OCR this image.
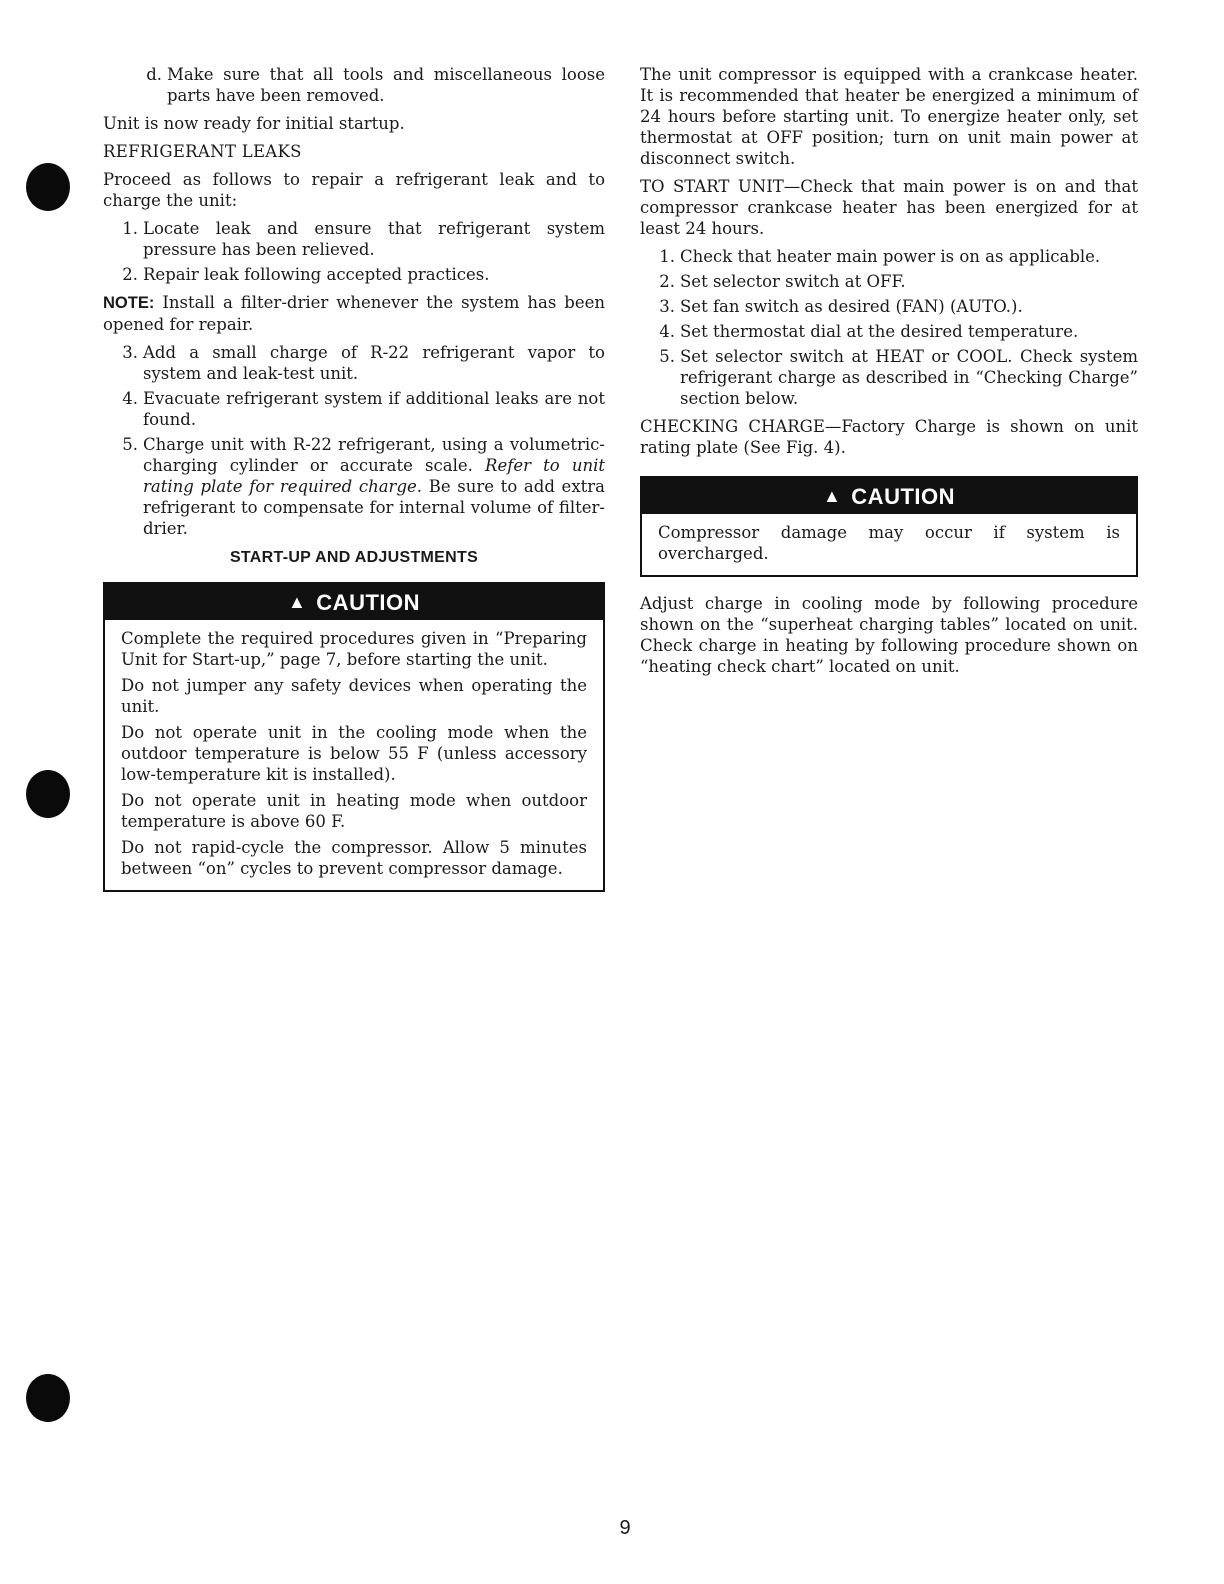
d. Make sure that all tools and miscellaneous loose parts have been removed.

Unit is now ready for initial startup.

REFRIGERANT LEAKS

Proceed as follows to repair a refrigerant leak and to charge the unit:

1. Locate leak and ensure that refrigerant system pressure has been relieved.
2. Repair leak following accepted practices.

NOTE: Install a filter-drier whenever the system has been opened for repair.

3. Add a small charge of R-22 refrigerant vapor to system and leak-test unit.
4. Evacuate refrigerant system if additional leaks are not found.
5. Charge unit with R-22 refrigerant, using a volumetric-charging cylinder or accurate scale. Refer to unit rating plate for required charge. Be sure to add extra refrigerant to compensate for internal volume of filter-drier.
START-UP AND ADJUSTMENTS
▲ CAUTION

Complete the required procedures given in “Preparing Unit for Start-up,” page 7, before starting the unit.

Do not jumper any safety devices when operating the unit.

Do not operate unit in the cooling mode when the outdoor temperature is below 55 F (unless accessory low-temperature kit is installed).

Do not operate unit in heating mode when outdoor temperature is above 60 F.

Do not rapid-cycle the compressor. Allow 5 minutes between “on” cycles to prevent compressor damage.

The unit compressor is equipped with a crankcase heater. It is recommended that heater be energized a minimum of 24 hours before starting unit. To energize heater only, set thermostat at OFF position; turn on unit main power at disconnect switch.

TO START UNIT—Check that main power is on and that compressor crankcase heater has been energized for at least 24 hours.

1. Check that heater main power is on as applicable.
2. Set selector switch at OFF.
3. Set fan switch as desired (FAN) (AUTO.).
4. Set thermostat dial at the desired temperature.
5. Set selector switch at HEAT or COOL. Check system refrigerant charge as described in “Checking Charge” section below.

CHECKING CHARGE—Factory Charge is shown on unit rating plate (See Fig. 4).

▲ CAUTION

Compressor damage may occur if system is overcharged.

Adjust charge in cooling mode by following procedure shown on the “superheat charging tables” located on unit. Check charge in heating by following procedure shown on “heating check chart” located on unit.

9
